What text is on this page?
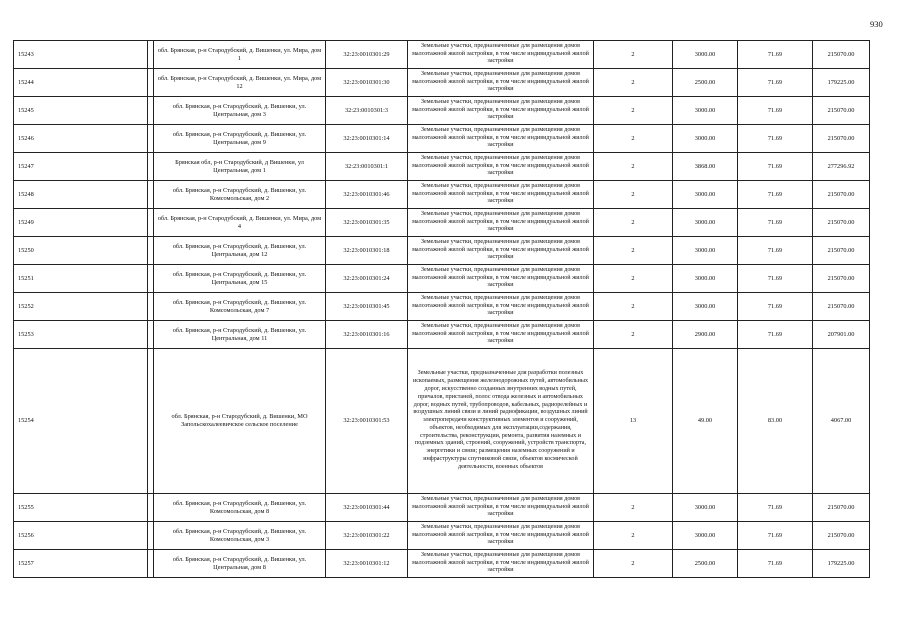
930
15243		обл. Брянская, р-н Стародубский, д. Вишенки, ул. Мира, дом 1	32:23:0010301:29	Земельные участки, предназначенные для размещения домов малоэтажной жилой застройки, в том числе индивидуальной жилой застройки	2	3000.00	71.69	215070.00
15244		обл. Брянская, р-н Стародубский, д. Вишенки, ул. Мира, дом 12	32:23:0010301:30	Земельные участки, предназначенные для размещения домов малоэтажной жилой застройки, в том числе индивидуальной жилой застройки	2	2500.00	71.69	179225.00
15245		обл. Брянская, р-н Стародубский, д. Вишенки, ул. Центральная, дом 3	32:23:0010301:3	Земельные участки, предназначенные для размещения домов малоэтажной жилой застройки, в том числе индивидуальной жилой застройки	2	3000.00	71.69	215070.00
15246		обл. Брянская, р-н Стародубский, д. Вишенки, ул. Центральная, дом 9	32:23:0010301:14	Земельные участки, предназначенные для размещения домов малоэтажной жилой застройки, в том числе индивидуальной жилой застройки	2	3000.00	71.69	215070.00
15247		Брянская обл, р-н Стародубский, д Вишенки, ул Центральная, дом 1	32:23:0010301:1	Земельные участки, предназначенные для размещения домов малоэтажной жилой застройки, в том числе индивидуальной жилой застройки	2	3868.00	71.69	277296.92
15248		обл. Брянская, р-н Стародубский, д. Вишенки, ул. Комсомольская, дом 2	32:23:0010301:46	Земельные участки, предназначенные для размещения домов малоэтажной жилой застройки, в том числе индивидуальной жилой застройки	2	3000.00	71.69	215070.00
15249		обл. Брянская, р-н Стародубский, д. Вишенки, ул. Мира, дом 4	32:23:0010301:35	Земельные участки, предназначенные для размещения домов малоэтажной жилой застройки, в том числе индивидуальной жилой застройки	2	3000.00	71.69	215070.00
15250		обл. Брянская, р-н Стародубский, д. Вишенки, ул. Центральная, дом 12	32:23:0010301:18	Земельные участки, предназначенные для размещения домов малоэтажной жилой застройки, в том числе индивидуальной жилой застройки	2	3000.00	71.69	215070.00
15251		обл. Брянская, р-н Стародубский, д. Вишенки, ул. Центральная, дом 15	32:23:0010301:24	Земельные участки, предназначенные для размещения домов малоэтажной жилой застройки, в том числе индивидуальной жилой застройки	2	3000.00	71.69	215070.00
15252		обл. Брянская, р-н Стародубский, д. Вишенки, ул. Комсомольская, дом 7	32:23:0010301:45	Земельные участки, предназначенные для размещения домов малоэтажной жилой застройки, в том числе индивидуальной жилой застройки	2	3000.00	71.69	215070.00
15253		обл. Брянская, р-н Стародубский, д. Вишенки, ул. Центральная, дом 11	32:23:0010301:16	Земельные участки, предназначенные для размещения домов малоэтажной жилой застройки, в том числе индивидуальной жилой застройки	2	2900.00	71.69	207901.00
15254		обл. Брянская, р-н Стародубский, д. Вишенки, МО Запольскохалеевичское сельское поселение	32:23:0010301:53	Земельные участки, предназначенные для разработки полезных ископаемых, размещения железнодорожных путей, автомобильных дорог, искусственно созданных внутренних водных путей, причалов, пристаней, полос отвода железных и автомобильных дорог, водных путей, трубопроводов, кабельных, радиорелейных и воздушных линий связи и линий радиофикации, воздушных линий электропередачи конструктивных элементов и сооружений, объектов, необходимых для эксплуатации,содержания, строительства, реконструкции, ремонта, развития наземных и подземных зданий, строений, сооружений, устройств транспорта, энергетики и связи; размещения наземных сооружений и инфраструктуры спутниковой связи, объектов космической деятельности, военных объектов	13	49.00	83.00	4067.00
15255		обл. Брянская, р-н Стародубский, д. Вишенки, ул. Комсомольская, дом 8	32:23:0010301:44	Земельные участки, предназначенные для размещения домов малоэтажной жилой застройки, в том числе индивидуальной жилой застройки	2	3000.00	71.69	215070.00
15256		обл. Брянская, р-н Стародубский, д. Вишенки, ул. Комсомольская, дом 3	32:23:0010301:22	Земельные участки, предназначенные для размещения домов малоэтажной жилой застройки, в том числе индивидуальной жилой застройки	2	3000.00	71.69	215070.00
15257		обл. Брянская, р-н Стародубский, д. Вишенки, ул. Центральная, дом 8	32:23:0010301:12	Земельные участки, предназначенные для размещения домов малоэтажной жилой застройки, в том числе индивидуальной жилой застройки	2	2500.00	71.69	179225.00
